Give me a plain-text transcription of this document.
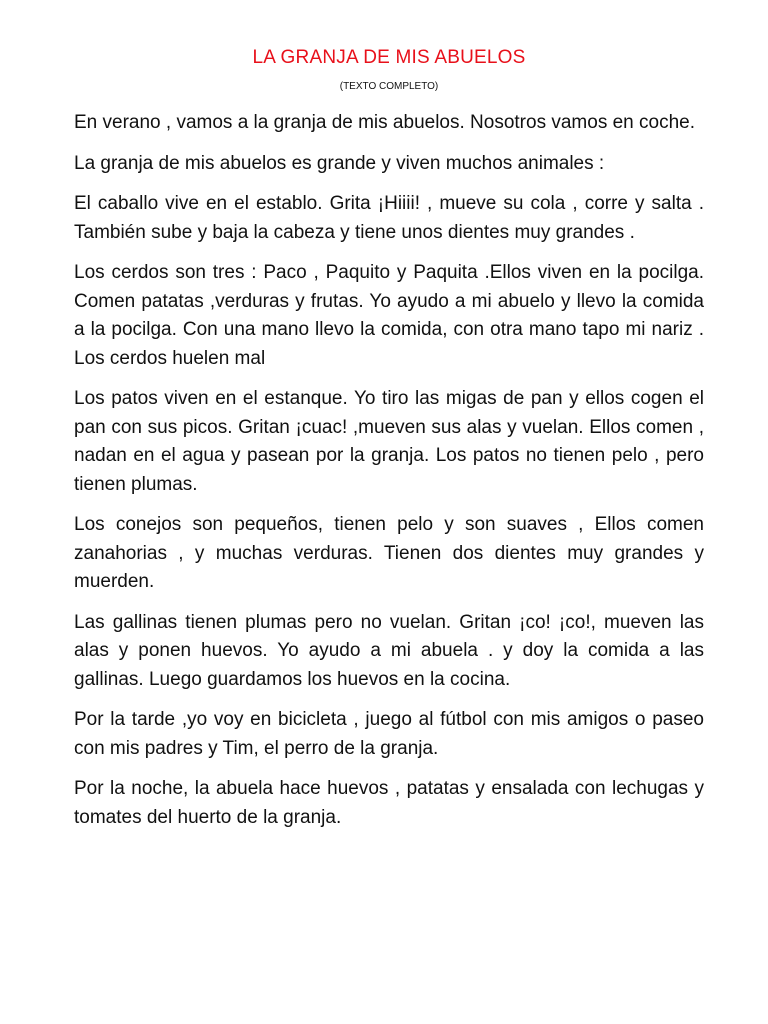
LA GRANJA DE MIS ABUELOS

(TEXTO COMPLETO)

En verano , vamos a la granja de mis abuelos. Nosotros vamos en coche.

La granja de mis abuelos es grande y viven muchos animales :

El caballo vive en el establo. Grita ¡Hiiii! , mueve su cola , corre y salta . También sube y baja la cabeza y tiene unos dientes muy grandes .

Los cerdos son tres : Paco , Paquito y Paquita .Ellos viven en la pocilga. Comen patatas ,verduras y frutas. Yo ayudo a mi abuelo y llevo la comida a la pocilga. Con una mano llevo la comida, con otra mano tapo mi nariz . Los cerdos huelen mal

Los patos viven en el estanque. Yo tiro las migas de pan y ellos cogen el pan con sus picos. Gritan ¡cuac! ,mueven sus alas y vuelan. Ellos comen , nadan en el agua y pasean por la granja. Los patos no tienen pelo , pero tienen plumas.

Los conejos son pequeños, tienen pelo y son suaves , Ellos comen zanahorias , y muchas verduras. Tienen dos dientes muy grandes y muerden.

Las gallinas tienen plumas pero no vuelan. Gritan ¡co! ¡co!, mueven las alas y ponen huevos. Yo ayudo a mi abuela . y doy la comida a las gallinas. Luego guardamos los huevos en la cocina.

Por la tarde ,yo voy en bicicleta , juego al fútbol con mis amigos o paseo con mis padres y Tim, el perro de la granja.

Por la noche, la abuela hace huevos , patatas y ensalada con lechugas y tomates del huerto de la granja.
